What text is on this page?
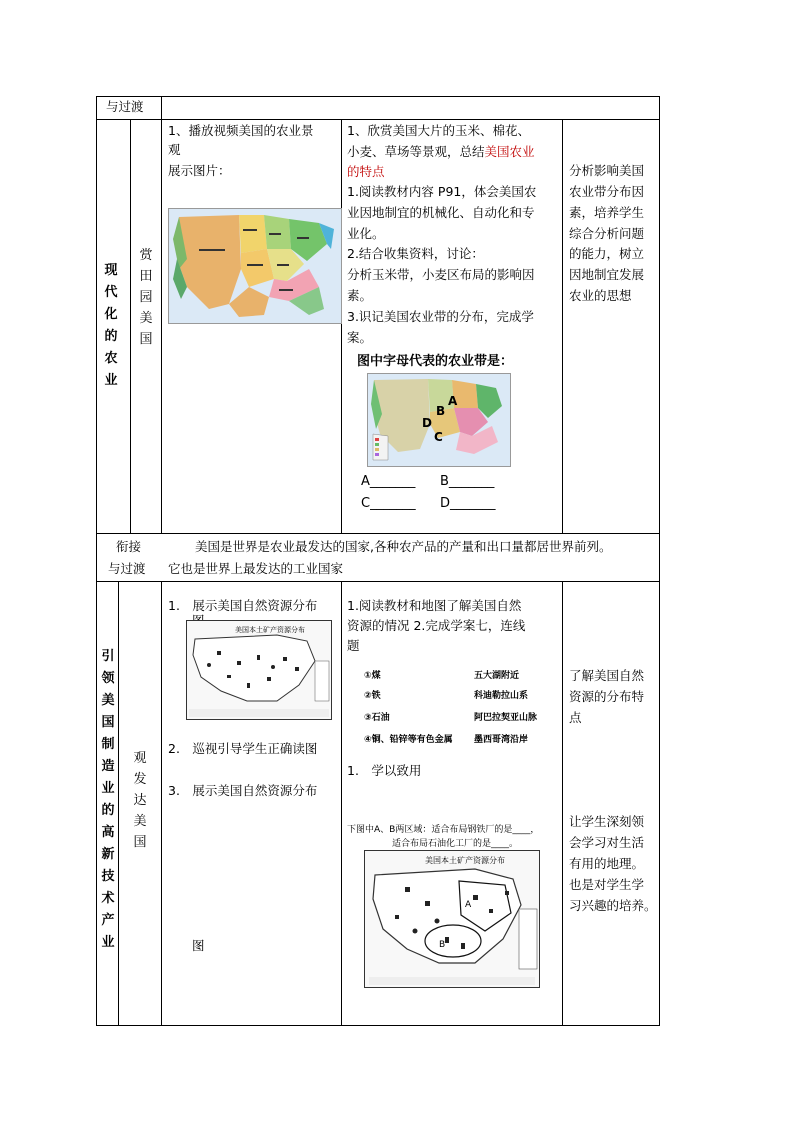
与过渡
现
代
化
的
农
业
赏
田
园
美
国
1、播放视频美国的农业景
观
展示图片：
1、欣赏美国大片的玉米、棉花、
小麦、草场等景观，总结美国农业
的特点
1.阅读教材内容 P91，体会美国农
业因地制宜的机械化、自动化和专
业化。
2.结合收集资料，讨论：
分析玉米带，小麦区布局的影响因
素。
3.识记美国农业带的分布，完成学
案。
图中字母代表的农业带是：
A
B
D
C
A_______ B_______
C_______ D_______
分析影响美国
农业带分布因
素，培养学生
综合分析问题
的能力，树立
因地制宜发展
农业的思想
衔接
与过渡
美国是世界是农业最发达的国家,各种农产品的产量和出口量都居世界前列。
它也是世界上最发达的工业国家
引
领
美
国
制
造
业
的
高
新
技
术
产
业
观
发
达
美
国
1.　展示美国自然资源分布
美国本土矿产资源分布
2.　巡视引导学生正确读图
3.　展示美国自然资源分布
图
1.阅读教材和地图了解美国自然
资源的情况 2.完成学案七，连线
题
①煤
②铁
③石油
④铜、铅锌等有色金属
五大湖附近
科迪勒拉山系
阿巴拉契亚山脉
墨西哥湾沿岸
1.　学以致用
下图中A、B两区域：适合布局钢铁厂的是____，
适合布局石油化工厂的是____。
美国本土矿产资源分布
A
B
了解美国自然
资源的分布特
点
让学生深刻领
会学习对生活
有用的地理。
也是对学生学
习兴趣的培养。
